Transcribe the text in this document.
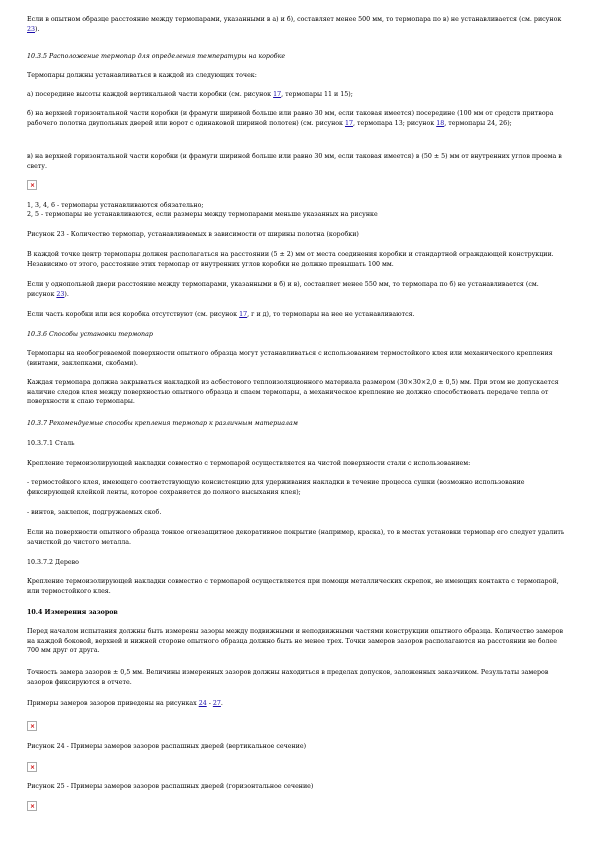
Если в опытном образце расстояние между термопарами, указанными в а) и б), составляет менее 500 мм, то термопара по в) не устанавливается (см. рисунок 23).

10.3.5 Расположение термопар для определения температуры на коробке

Термопары должны устанавливаться в каждой из следующих точек:

а) посередине высоты каждой вертикальной части коробки (см. рисунок 17, термопары 11 и 15);

б) на верхней горизонтальной части коробки (и фрамуги шириной больше или равно 30 мм, если таковая имеется) посередине (100 мм от средств притвора рабочего полотна двупольных дверей или ворот с одинаковой шириной полотен) (см. рисунок 17, термопара 13; рисунок 18, термопары 24, 26);

в) на верхней горизонтальной части коробки (и фрамуги шириной больше или равно 30 мм, если таковая имеется) в (50 ± 5) мм от внутренних углов проема в свету.

×

1, 3, 4, 6 - термопары устанавливаются обязательно;

2, 5 - термопары не устанавливаются, если размеры между термопарами меньше указанных на рисунке

Рисунок 23 - Количество термопар, устанавливаемых в зависимости от ширины полотна (коробки)

В каждой точке центр термопары должен располагаться на расстоянии (5 ± 2) мм от места соединения коробки и стандартной ограждающей конструкции. Независимо от этого, расстояние этих термопар от внутренних углов коробки не должно превышать 100 мм.

Если у однопольной двери расстояние между термопарами, указанными в б) и в), составляет менее 550 мм, то термопара по б) не устанавливается (см. рисунок 23).

Если часть коробки или вся коробка отсутствуют (см. рисунок 17, г и д), то термопары на нее не устанавливаются.

10.3.6 Способы установки термопар

Термопары на необогреваемой поверхности опытного образца могут устанавливаться с использованием термостойкого клея или механического крепления (винтами, заклепками, скобами).

Каждая термопара должна закрываться накладкой из асбестового теплоизоляционного материала размером (30×30×2,0 ± 0,5) мм. При этом не допускается наличие следов клея между поверхностью опытного образца и спаем термопары, а механическое крепление не должно способствовать передаче тепла от поверхности к спаю термопары.

10.3.7 Рекомендуемые способы крепления термопар к различным материалам

10.3.7.1 Сталь

Крепление термоизолирующей накладки совместно с термопарой осуществляется на чистой поверхности стали с использованием:

- термостойкого клея, имеющего соответствующую консистенцию для удерживания накладки в течение процесса сушки (возможно использование фиксирующей клейкой ленты, которое сохраняется до полного высыхания клея);

- винтов, заклепок, подгружаемых скоб.

Если на поверхности опытного образца тонкое огнезащитное декоративное покрытие (например, краска), то в местах установки термопар его следует удалить зачисткой до чистого металла.

10.3.7.2 Дерево

Крепление термоизолирующей накладки совместно с термопарой осуществляется при помощи металлических скрепок, не имеющих контакта с термопарой, или термостойкого клея.

10.4 Измерения зазоров

Перед началом испытания должны быть измерены зазоры между подвижными и неподвижными частями конструкции опытного образца. Количество замеров на каждой боковой, верхней и нижней стороне опытного образца должно быть не менее трех. Точки замеров зазоров располагаются на расстоянии не более 700 мм друг от друга.

Точность замера зазоров ± 0,5 мм. Величины измеренных зазоров должны находиться в пределах допусков, заложенных заказчиком. Результаты замеров зазоров фиксируются в отчете.

Примеры замеров зазоров приведены на рисунках 24 - 27.

×

Рисунок 24 - Примеры замеров зазоров распашных дверей (вертикальное сечение)

×

Рисунок 25 - Примеры замеров зазоров распашных дверей (горизонтальное сечение)

×
